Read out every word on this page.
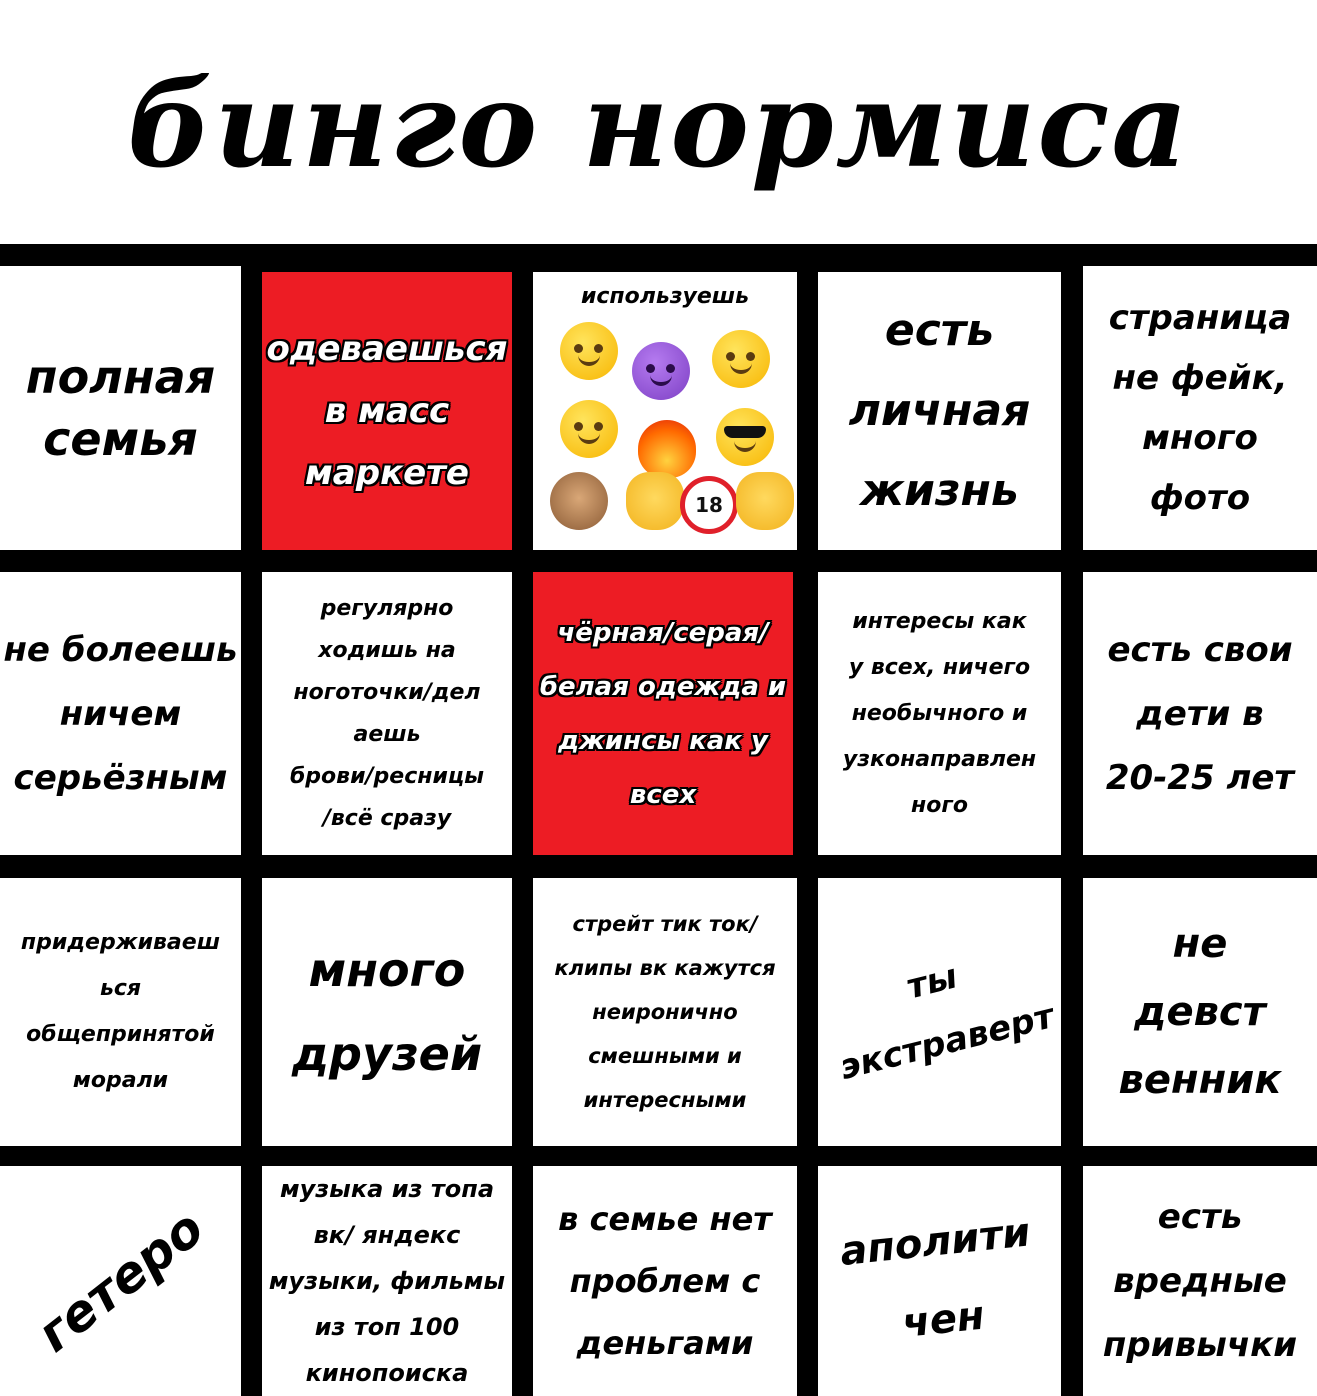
бинго нормиса
полная
семья
одеваешься
в масс
маркете
используешь
18
есть
личная
жизнь
страница
не фейк,
много
фото
не болеешь
ничем
серьёзным
регулярно
ходишь на
ноготочки/дел
аешь
брови/ресницы
/всё сразу
чёрная/серая/
белая одежда и
джинсы как у
всех
интересы как
у всех, ничего
необычного и
узконаправлен
ного
есть свои
дети в
20-25 лет
придерживаеш
ься
общепринятой
морали
много
друзей
стрейт тик ток/
клипы вк кажутся
неиронично
смешными и
интересными
ты
экстраверт
не
девст
венник
гетеро
музыка из топа
вк/ яндекс
музыки, фильмы
из топ 100
кинопоиска
в семье нет
проблем с
деньгами
аполити
чен
есть
вредные
привычки
